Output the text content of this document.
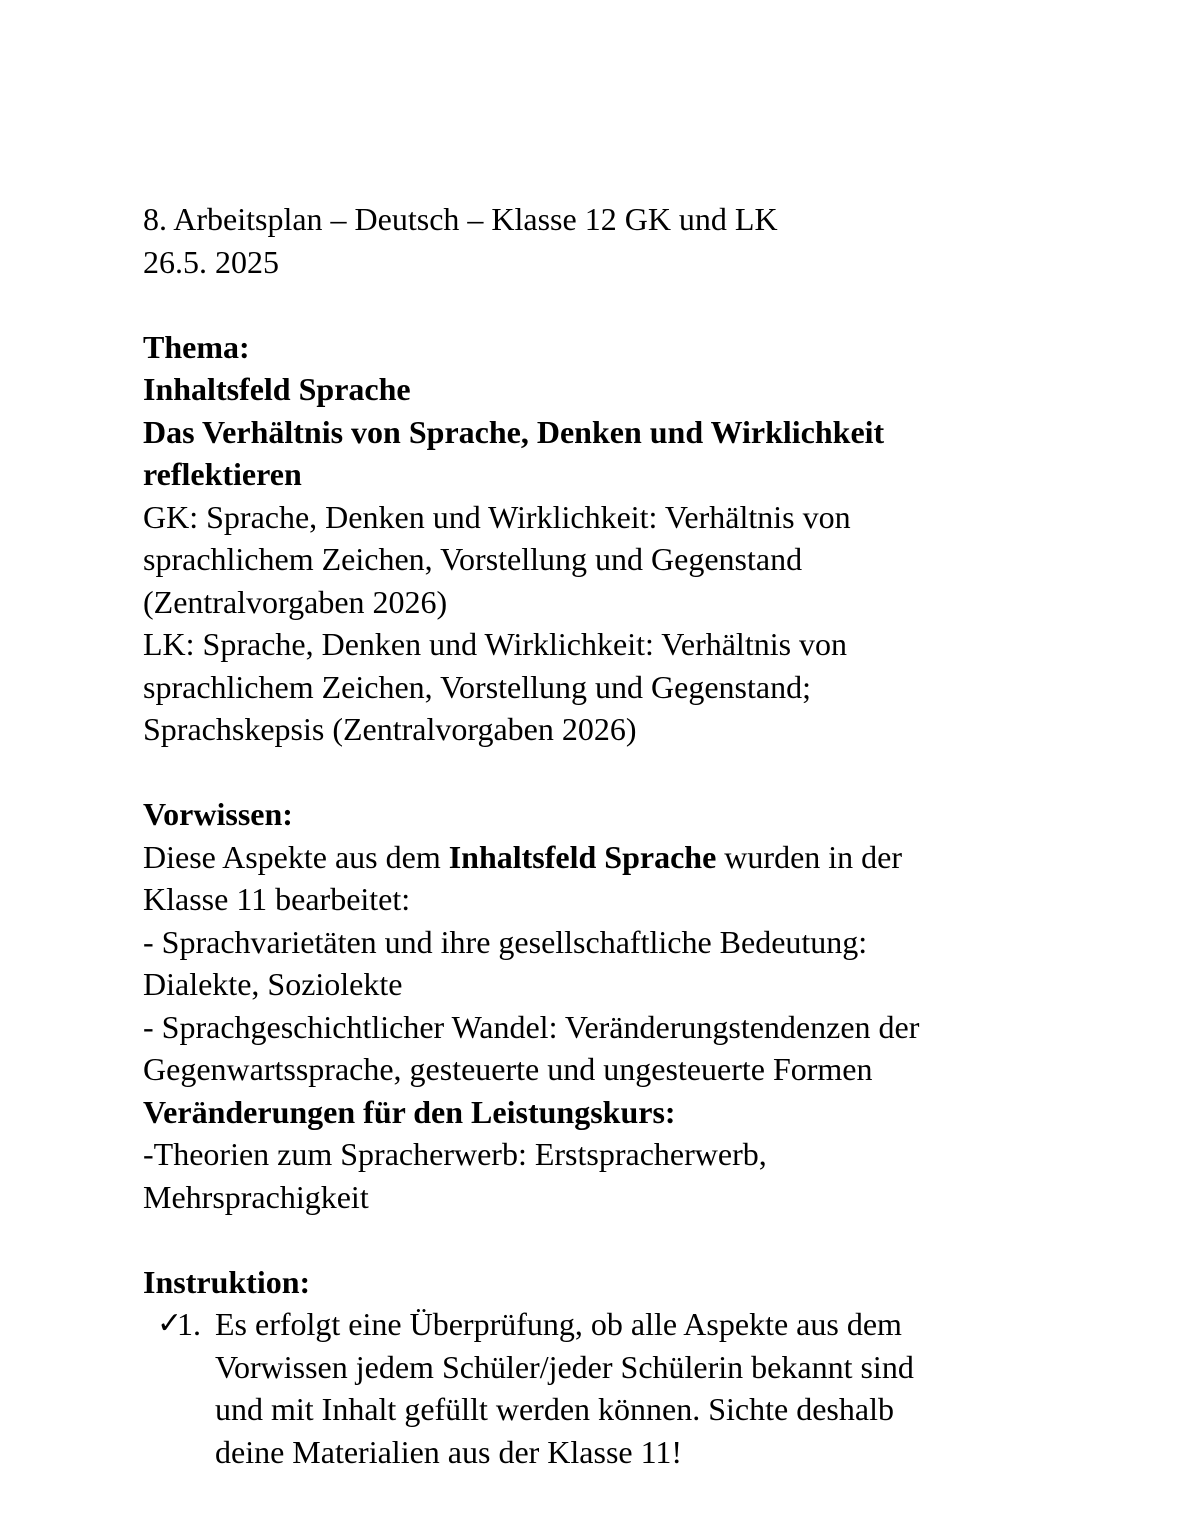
8. Arbeitsplan – Deutsch – Klasse 12 GK und LK
26.5. 2025
Thema:
Inhaltsfeld Sprache
Das Verhältnis von Sprache, Denken und Wirklichkeit
reflektieren
GK: Sprache, Denken und Wirklichkeit: Verhältnis von
sprachlichem Zeichen, Vorstellung und Gegenstand
(Zentralvorgaben 2026)
LK: Sprache, Denken und Wirklichkeit: Verhältnis von
sprachlichem Zeichen, Vorstellung und Gegenstand;
Sprachskepsis (Zentralvorgaben 2026)
Vorwissen:
Diese Aspekte aus dem Inhaltsfeld Sprache wurden in der
Klasse 11 bearbeitet:
- Sprachvarietäten und ihre gesellschaftliche Bedeutung:
Dialekte, Soziolekte
- Sprachgeschichtlicher Wandel: Veränderungstendenzen der
Gegenwartssprache, gesteuerte und ungesteuerte Formen
Veränderungen für den Leistungskurs:
-Theorien zum Spracherwerb: Erstspracherwerb,
Mehrsprachigkeit
Instruktion:
✓
1. Es erfolgt eine Überprüfung, ob alle Aspekte aus dem
Vorwissen jedem Schüler/jeder Schülerin bekannt sind
und mit Inhalt gefüllt werden können. Sichte deshalb
deine Materialien aus der Klasse 11!
